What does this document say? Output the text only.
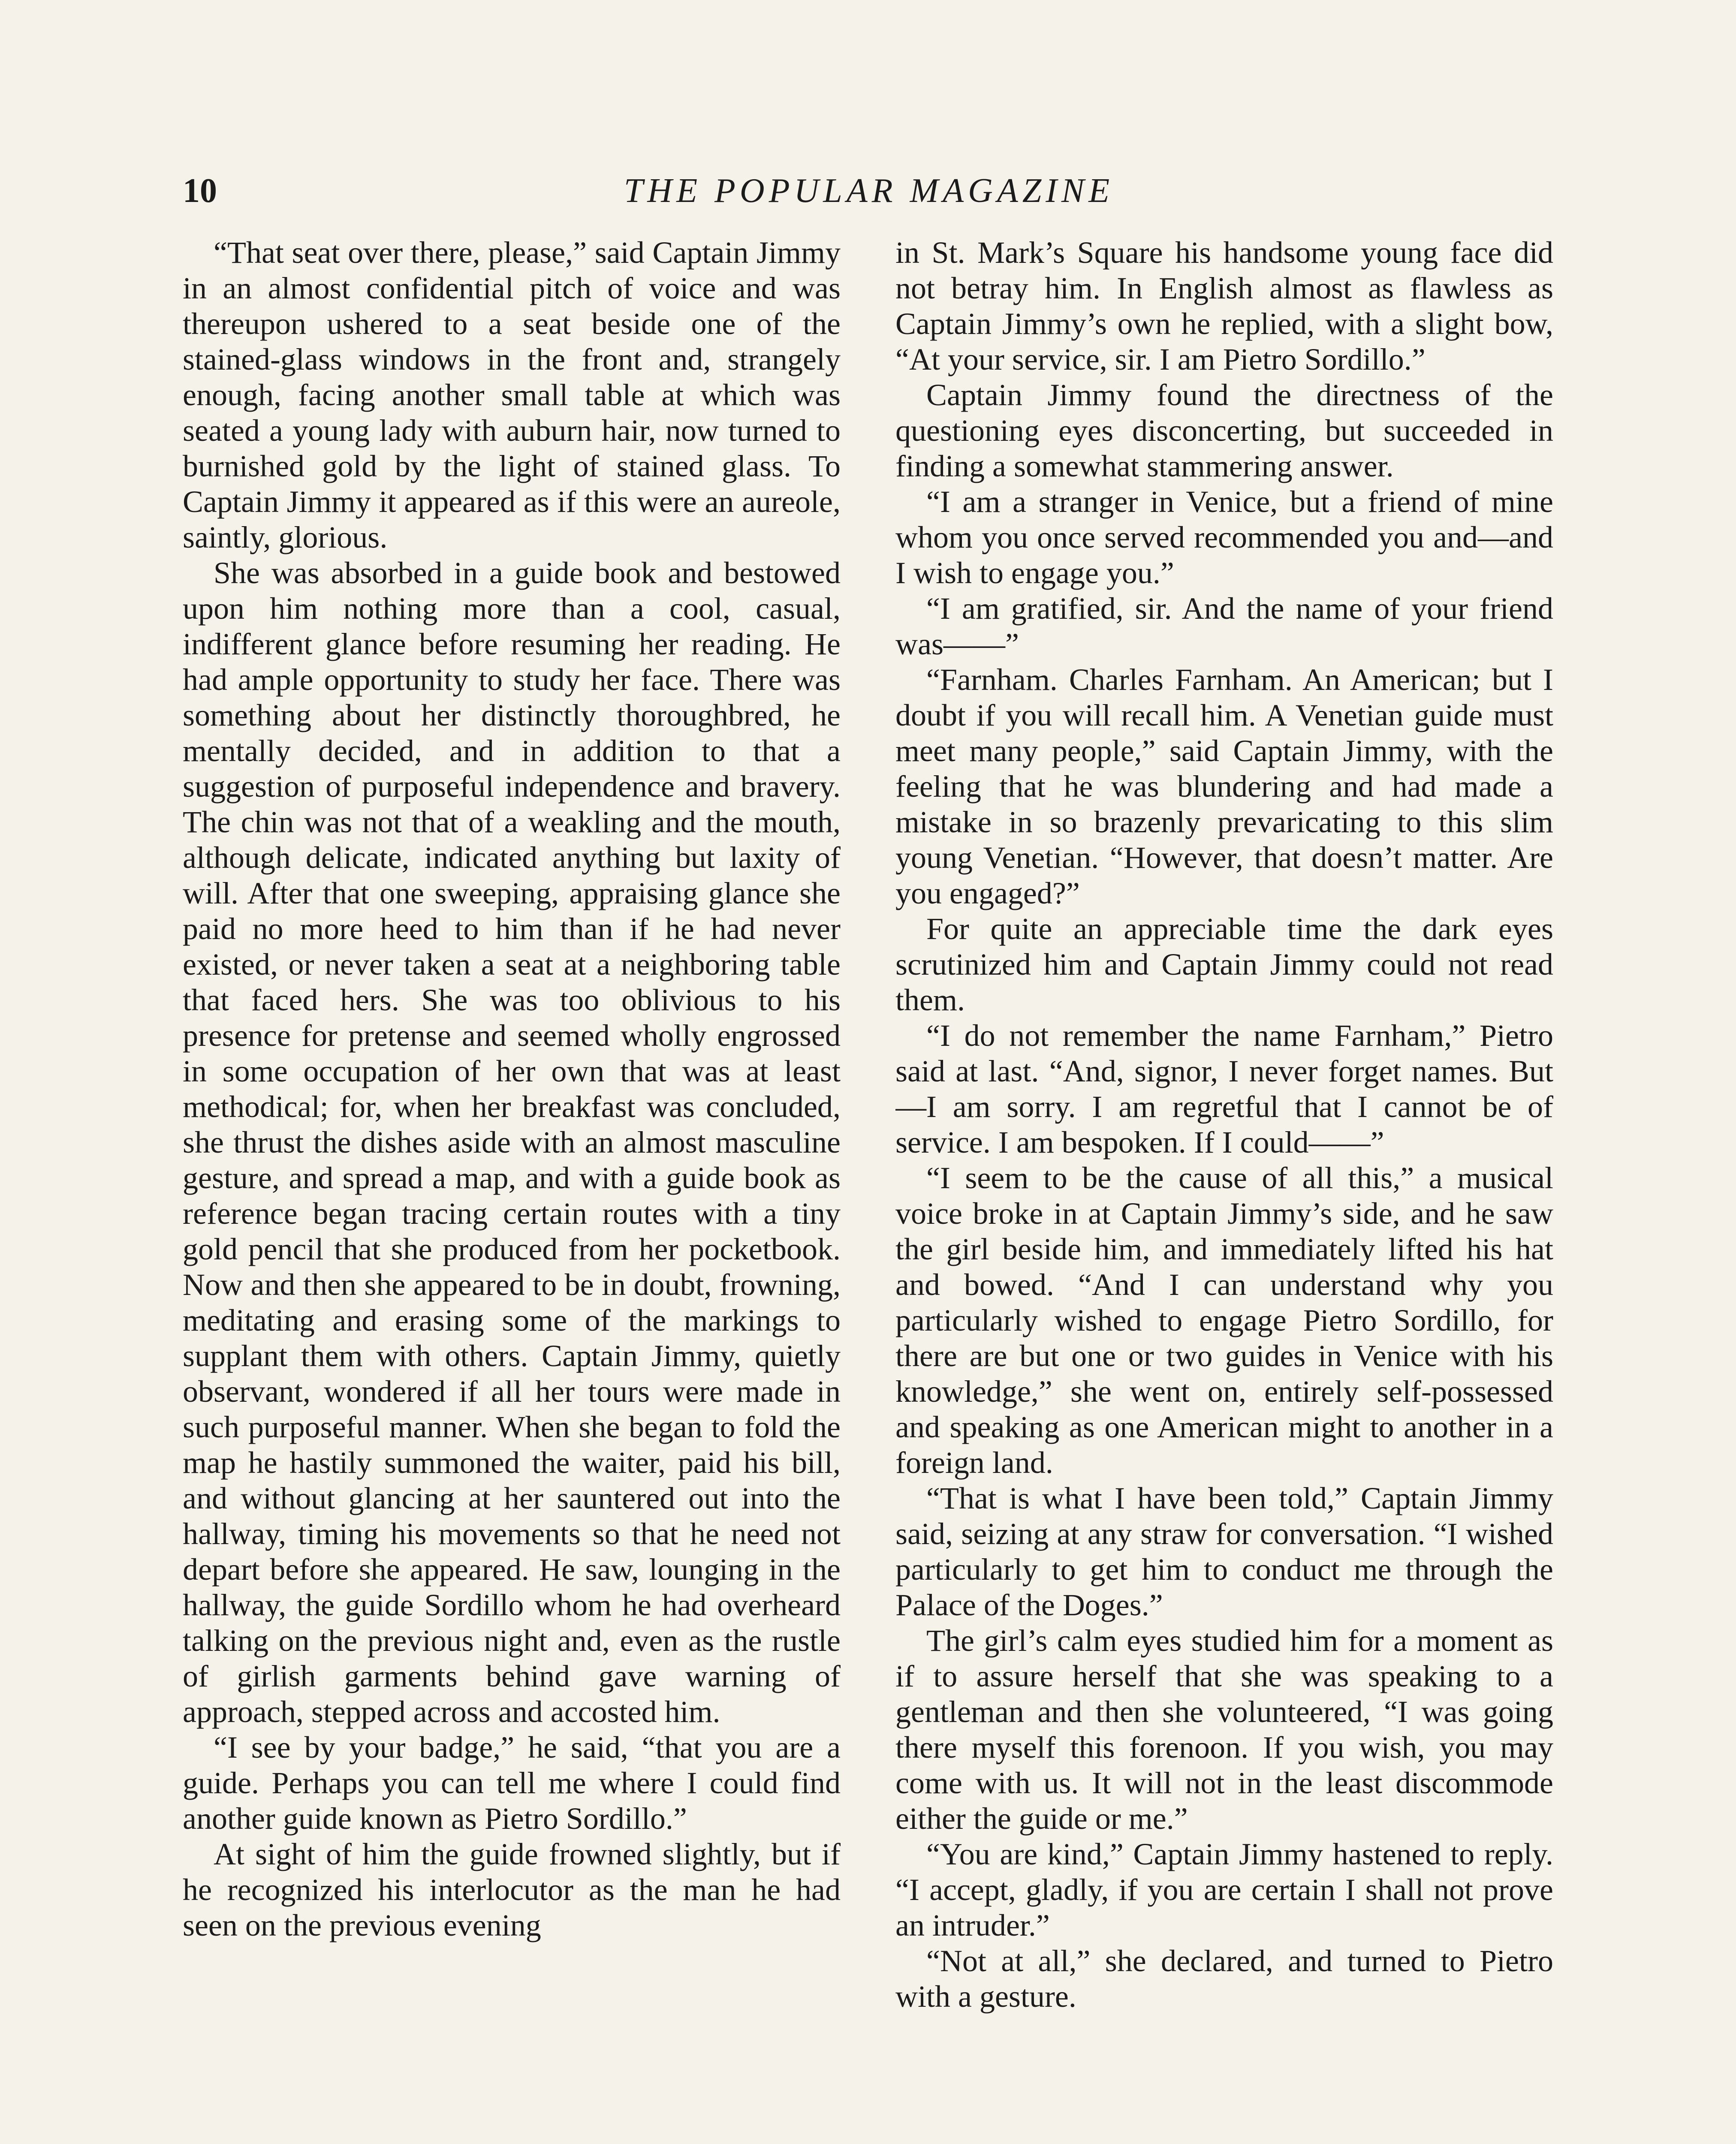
10	THE POPULAR MAGAZINE

“That seat over there, please,” said Captain Jimmy in an almost confidential pitch of voice and was thereupon ushered to a seat beside one of the stained-glass windows in the front and, strangely enough, facing another small table at which was seated a young lady with auburn hair, now turned to burnished gold by the light of stained glass. To Captain Jimmy it appeared as if this were an aureole, saintly, glorious.

She was absorbed in a guide book and bestowed upon him nothing more than a cool, casual, indifferent glance before resuming her reading. He had ample opportunity to study her face. There was something about her distinctly thoroughbred, he mentally decided, and in addition to that a suggestion of purposeful independence and bravery. The chin was not that of a weakling and the mouth, although delicate, indicated anything but laxity of will. After that one sweeping, appraising glance she paid no more heed to him than if he had never existed, or never taken a seat at a neighboring table that faced hers. She was too oblivious to his presence for pretense and seemed wholly engrossed in some occupation of her own that was at least methodical; for, when her breakfast was concluded, she thrust the dishes aside with an almost masculine gesture, and spread a map, and with a guide book as reference began tracing certain routes with a tiny gold pencil that she produced from her pocketbook. Now and then she appeared to be in doubt, frowning, meditating and erasing some of the markings to supplant them with others. Captain Jimmy, quietly observant, wondered if all her tours were made in such purposeful manner. When she began to fold the map he hastily summoned the waiter, paid his bill, and without glancing at her sauntered out into the hallway, timing his movements so that he need not depart before she appeared. He saw, lounging in the hallway, the guide Sordillo whom he had overheard talking on the previous night and, even as the rustle of girlish garments behind gave warning of approach, stepped across and accosted him.

“I see by your badge,” he said, “that you are a guide. Perhaps you can tell me where I could find another guide known as Pietro Sordillo.”

At sight of him the guide frowned slightly, but if he recognized his interlocutor as the man he had seen on the previous evening

in St. Mark’s Square his handsome young face did not betray him. In English almost as flawless as Captain Jimmy’s own he replied, with a slight bow, “At your service, sir. I am Pietro Sordillo.”

Captain Jimmy found the directness of the questioning eyes disconcerting, but succeeded in finding a somewhat stammering answer.

“I am a stranger in Venice, but a friend of mine whom you once served recommended you and—and I wish to engage you.”

“I am gratified, sir. And the name of your friend was——”

“Farnham. Charles Farnham. An American; but I doubt if you will recall him. A Venetian guide must meet many people,” said Captain Jimmy, with the feeling that he was blundering and had made a mistake in so brazenly prevaricating to this slim young Venetian. “However, that doesn’t matter. Are you engaged?”

For quite an appreciable time the dark eyes scrutinized him and Captain Jimmy could not read them.

“I do not remember the name Farnham,” Pietro said at last. “And, signor, I never forget names. But—I am sorry. I am regretful that I cannot be of service. I am bespoken. If I could——”

“I seem to be the cause of all this,” a musical voice broke in at Captain Jimmy’s side, and he saw the girl beside him, and immediately lifted his hat and bowed. “And I can understand why you particularly wished to engage Pietro Sordillo, for there are but one or two guides in Venice with his knowledge,” she went on, entirely self-possessed and speaking as one American might to another in a foreign land.

“That is what I have been told,” Captain Jimmy said, seizing at any straw for conversation. “I wished particularly to get him to conduct me through the Palace of the Doges.”

The girl’s calm eyes studied him for a moment as if to assure herself that she was speaking to a gentleman and then she volunteered, “I was going there myself this forenoon. If you wish, you may come with us. It will not in the least discommode either the guide or me.”

“You are kind,” Captain Jimmy hastened to reply. “I accept, gladly, if you are certain I shall not prove an intruder.”

“Not at all,” she declared, and turned to Pietro with a gesture.
